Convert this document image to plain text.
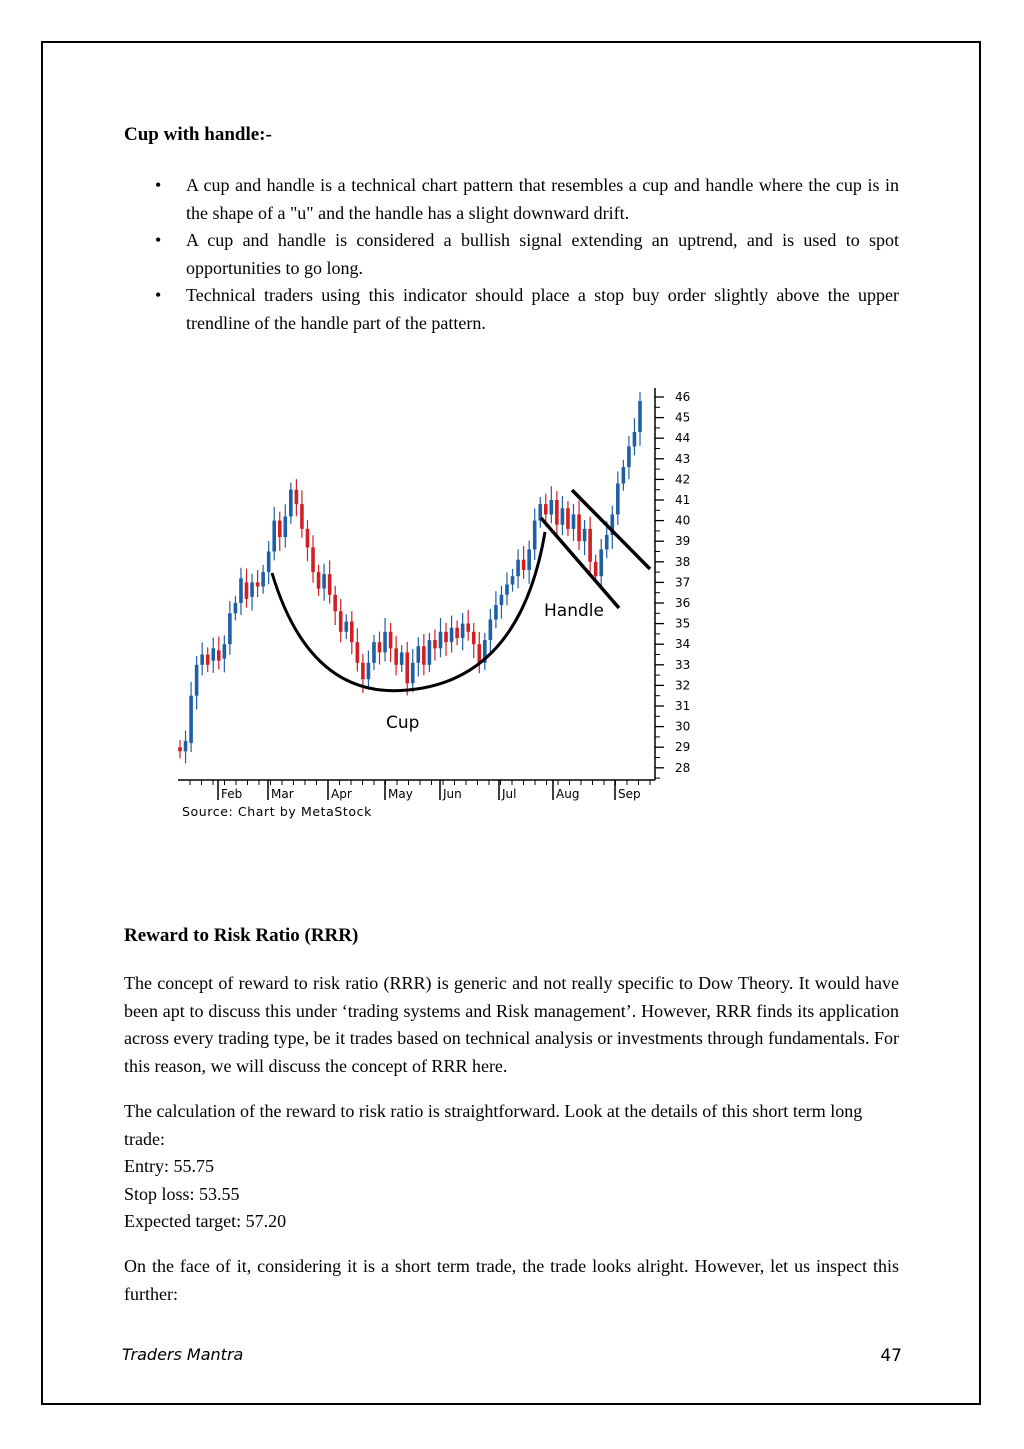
Cup with handle:-
• A cup and handle is a technical chart pattern that resembles a cup and handle where the cup is in the shape of a "u" and the handle has a slight downward drift.
• A cup and handle is considered a bullish signal extending an uptrend, and is used to spot opportunities to go long.
• Technical traders using this indicator should place a stop buy order slightly above the upper trendline of the handle part of the pattern.
46
45
44
43
42
41
40
39
38
37
36
35
34
33
32
31
30
29
28
Feb Mar	Apr	May	Jun	Jul	Aug	Sep
Source: Chart by MetaStock
Cup
Handle
Reward to Risk Ratio (RRR)

The concept of reward to risk ratio (RRR) is generic and not really specific to Dow Theory. It would have been apt to discuss this under ‘trading systems and Risk management’. However, RRR finds its application across every trading type, be it trades based on technical analysis or investments through fundamentals. For this reason, we will discuss the concept of RRR here.

The calculation of the reward to risk ratio is straightforward. Look at the details of this short term long trade:
Entry: 55.75
Stop loss: 53.55
Expected target: 57.20

On the face of it, considering it is a short term trade, the trade looks alright. However, let us inspect this further:

Traders Mantra	47
